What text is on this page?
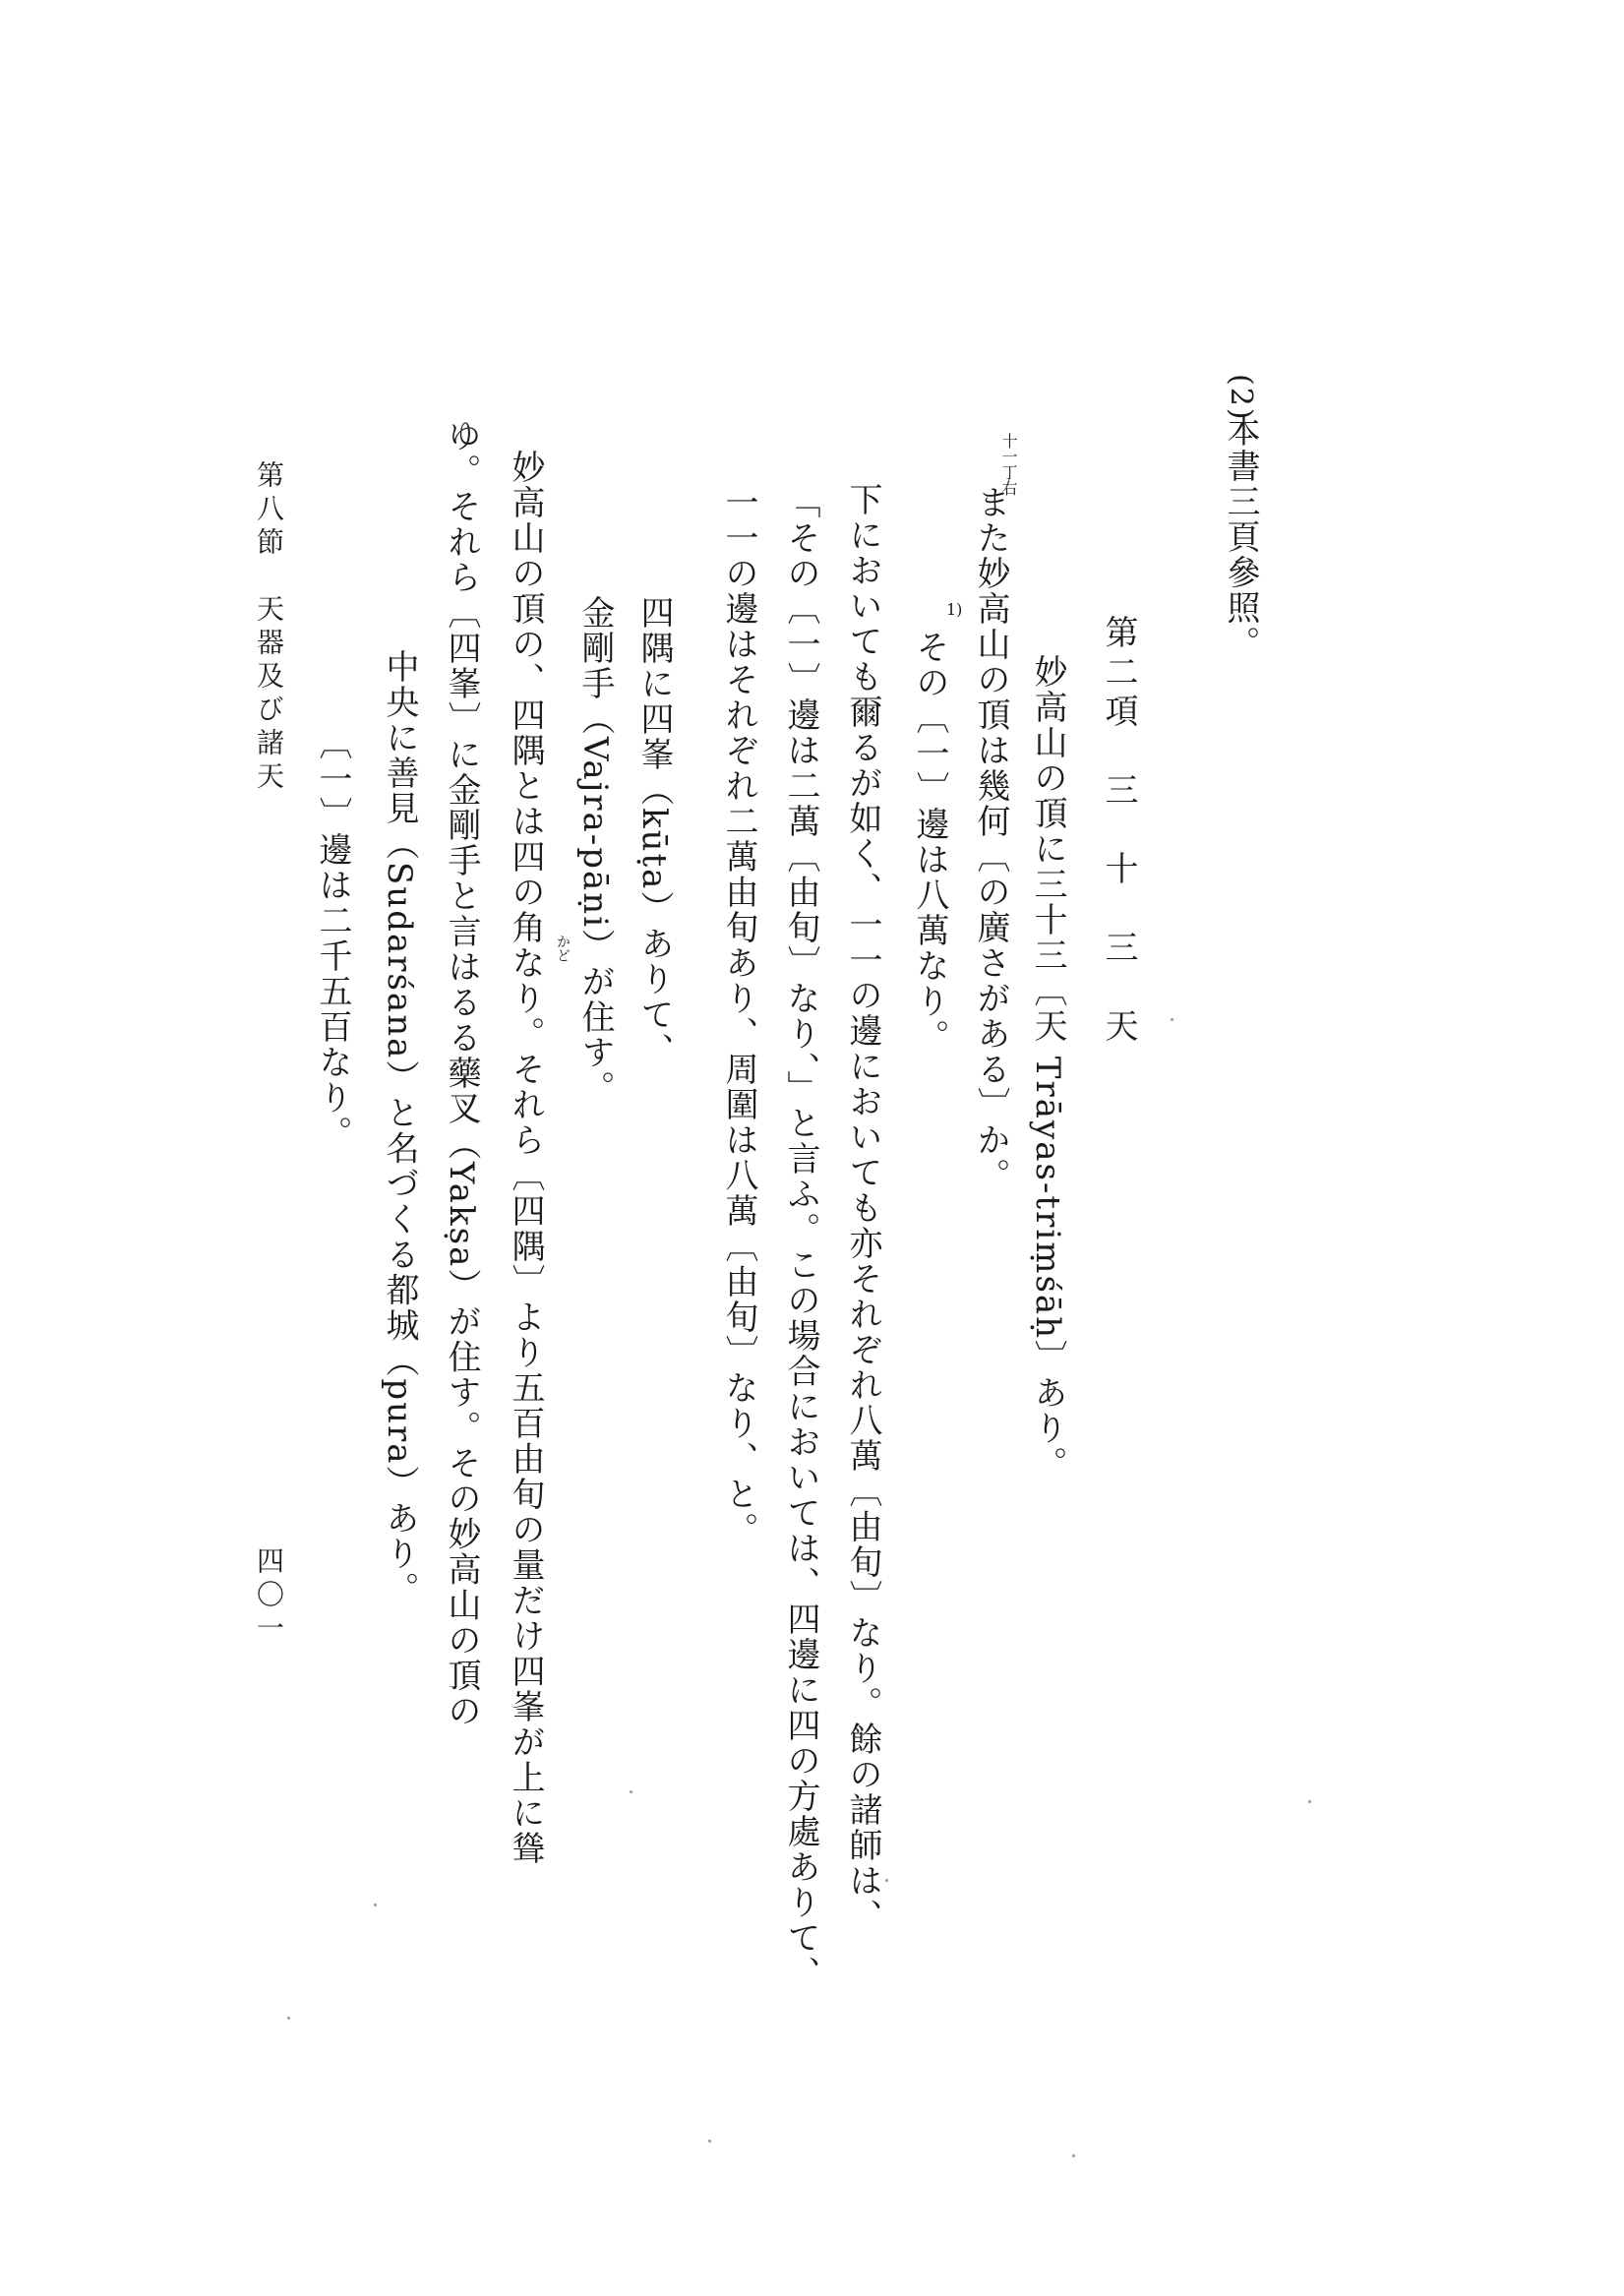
(2)
本書三頁參照。
第二項　三　十　三　天
妙高山の頂に三十三〔天 Trāyas-triṃśāḥ〕あり。
十一丁右
また妙高山の頂は幾何〔の廣さがある〕か。
1)
その〔一〕邊は八萬なり。
下においても爾るが如く、一一の邊においても亦それぞれ八萬〔由旬〕なり。餘の諸師は、
「その〔一〕邊は二萬〔由旬〕なり、」と言ふ。この場合においては、四邊に四の方處ありて、
一一の邊はそれぞれ二萬由旬あり、周圍は八萬〔由旬〕なり、と。
四隅に四峯（kūṭa）ありて、
金剛手（Vajra-pāṇi）が住す。
かど
妙高山の頂の、四隅とは四の角なり。それら〔四隅〕より五百由旬の量だけ四峯が上に聳
ゆ。それら〔四峯〕に金剛手と言はるる藥叉（Yakṣa）が住す。その妙高山の頂の
中央に善見（Sudarśana）と名づくる都城（pura）あり。
〔一〕邊は二千五百なり。
第八節　天器及び諸天
四〇一
